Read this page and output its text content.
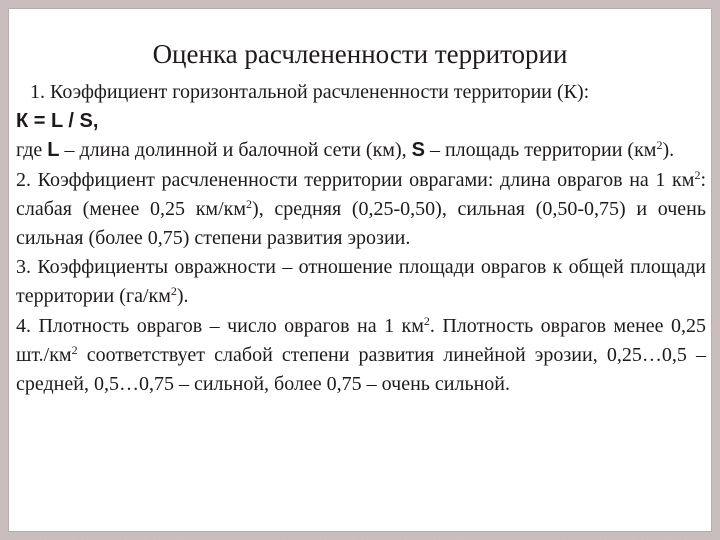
Оценка расчлененности территории

1. Коэффициент горизонтальной расчлененности территории (К):

К = L / S,

где L – длина долинной и балочной сети (км), S – площадь территории $(км^2)$.

2. Коэффициент расчлененности территории оврагами: длина оврагов на 1 $км^2$: слабая (менее 0,25 $км/км^2$), средняя (0,25-0,50), сильная (0,50-0,75) и очень сильная (более 0,75) степени развития эрозии.

3. Коэффициенты овражности – отношение площади оврагов к общей площади территории $(га/км^2)$.

4. Плотность оврагов – число оврагов на 1 $км^2$. Плотность оврагов менее 0,25 $шт./км^2$ соответствует слабой степени развития линейной эрозии, 0,25…0,5 – средней, 0,5…0,75 – сильной, более 0,75 – очень сильной.
